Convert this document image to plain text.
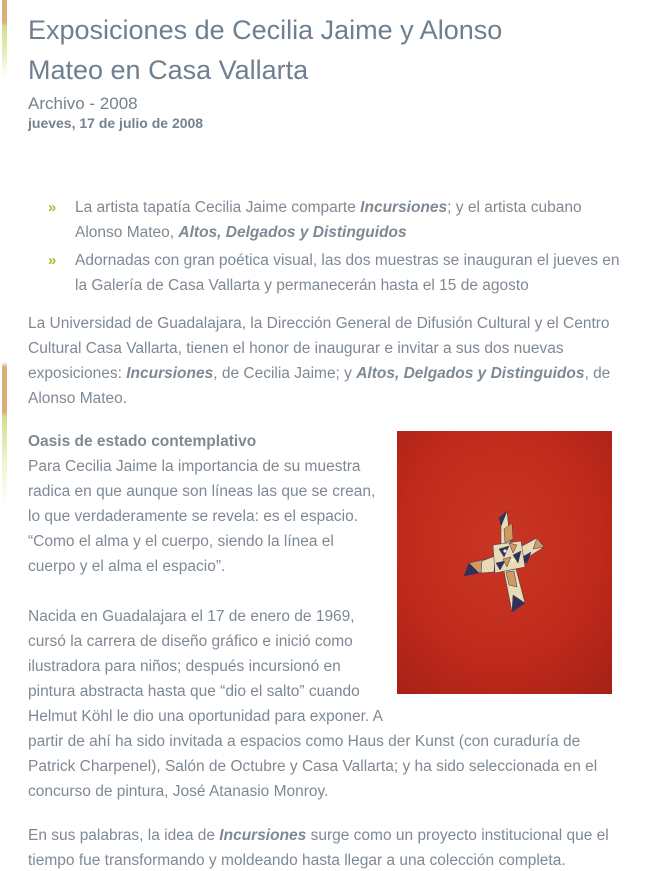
Exposiciones de Cecilia Jaime y Alonso Mateo en Casa Vallarta
Archivo - 2008
jueves, 17 de julio de 2008
» La artista tapatía Cecilia Jaime comparte Incursiones; y el artista cubano Alonso Mateo, Altos, Delgados y Distinguidos
» Adornadas con gran poética visual, las dos muestras se inauguran el jueves en la Galería de Casa Vallarta y permanecerán hasta el 15 de agosto

La Universidad de Guadalajara, la Dirección General de Difusión Cultural y el Centro Cultural Casa Vallarta, tienen el honor de inaugurar e invitar a sus dos nuevas exposiciones: Incursiones, de Cecilia Jaime; y Altos, Delgados y Distinguidos, de Alonso Mateo.

Oasis de estado contemplativo

Para Cecilia Jaime la importancia de su muestra radica en que aunque son líneas las que se crean, lo que verdaderamente se revela: es el espacio. “Como el alma y el cuerpo, siendo la línea el cuerpo y el alma el espacio”.

Nacida en Guadalajara el 17 de enero de 1969, cursó la carrera de diseño gráfico e inició como ilustradora para niños; después incursionó en pintura abstracta hasta que “dio el salto” cuando Helmut Köhl le dio una oportunidad para exponer. A partir de ahí ha sido invitada a espacios como Haus der Kunst (con curaduría de Patrick Charpenel), Salón de Octubre y Casa Vallarta; y ha sido seleccionada en el concurso de pintura, José Atanasio Monroy.

En sus palabras, la idea de Incursiones surge como un proyecto institucional que el tiempo fue transformando y moldeando hasta llegar a una colección completa.
